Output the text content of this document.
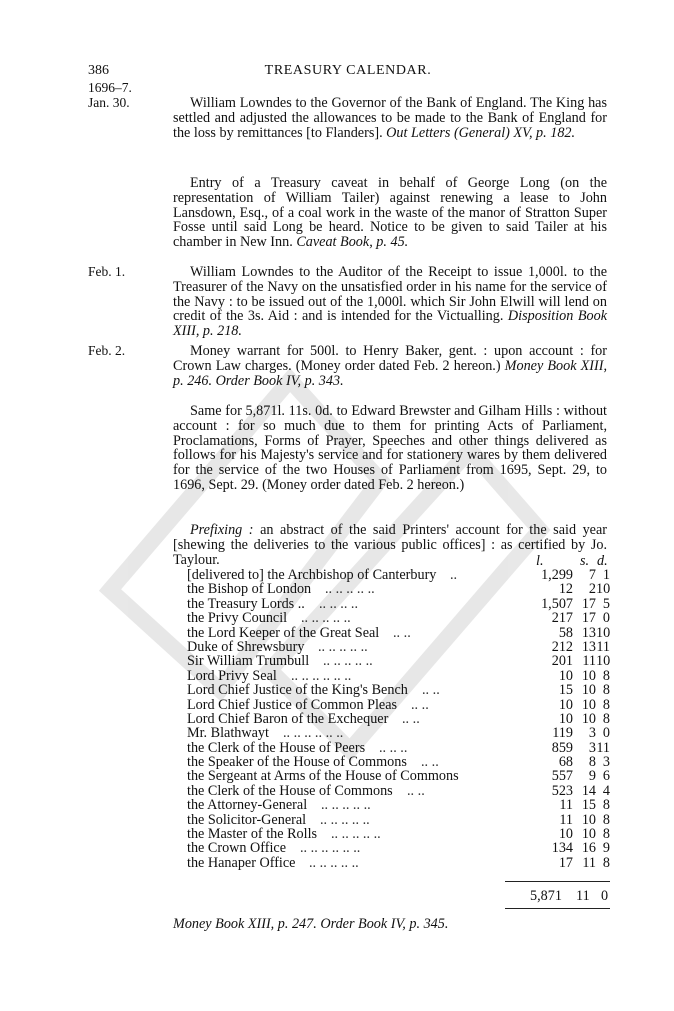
386	TREASURY CALENDAR.
1696–7.
Jan. 30.	William Lowndes to the Governor of the Bank of England. The King has settled and adjusted the allowances to be made to the Bank of England for the loss by remittances [to Flanders]. Out Letters (General) XV, p. 182.
Entry of a Treasury caveat in behalf of George Long (on the representation of William Tailer) against renewing a lease to John Lansdown, Esq., of a coal work in the waste of the manor of Stratton Super Fosse until said Long be heard. Notice to be given to said Tailer at his chamber in New Inn. Caveat Book, p. 45.
Feb. 1.	William Lowndes to the Auditor of the Receipt to issue 1,000l. to the Treasurer of the Navy on the unsatisfied order in his name for the service of the Navy : to be issued out of the 1,000l. which Sir John Elwill will lend on credit of the 3s. Aid : and is intended for the Victualling. Disposition Book XIII, p. 218.
Feb. 2.	Money warrant for 500l. to Henry Baker, gent. : upon account : for Crown Law charges. (Money order dated Feb. 2 hereon.) Money Book XIII, p. 246. Order Book IV, p. 343.
Same for 5,871l. 11s. 0d. to Edward Brewster and Gilham Hills : without account : for so much due to them for printing Acts of Parliament, Proclamations, Forms of Prayer, Speeches and other things delivered as follows for his Majesty's service and for stationery wares by them delivered for the service of the two Houses of Parliament from 1695, Sept. 29, to 1696, Sept. 29. (Money order dated Feb. 2 hereon.)
Prefixing : an abstract of the said Printers' account for the said year [shewing the deliveries to the various public offices] : as certified by Jo. Taylour.	l.	s. d.
[delivered to] the Archbishop of Canterbury	1,299	7 1
..
the Bishop of London	12	2 10
.. .. .. .. ..
the Treasury Lords ..	1,507 17 5
.. .. .. ..
the Privy Council	217 17 0
.. .. .. .. ..
the Lord Keeper of the Great Seal	58 13 10
.. ..
Duke of Shrewsbury	212 13 11
.. .. .. .. ..
Sir William Trumbull	201 11 10
.. .. .. .. ..
Lord Privy Seal	10 10 8
.. .. .. .. .. ..
Lord Chief Justice of the King's Bench	15 10 8
.. ..
Lord Chief Justice of Common Pleas	10 10 8
.. ..
Lord Chief Baron of the Exchequer	10 10 8
.. ..
Mr. Blathwayt	119	3 0
.. .. .. .. .. ..
the Clerk of the House of Peers	859	3 11
.. .. ..
the Speaker of the House of Commons	68	8 3
.. ..
the Sergeant at Arms of the House of Commons	557	9 6
the Clerk of the House of Commons	523 14 4
.. ..
the Attorney-General	11 15 8
.. .. .. .. ..
the Solicitor-General	11 10 8
.. .. .. .. ..
the Master of the Rolls	10 10 8
.. .. .. .. ..
the Crown Office	134 16 9
.. .. .. .. .. ..
the Hanaper Office	17 11 8
.. .. .. .. ..
5,871 11 0
Money Book XIII, p. 247. Order Book IV, p. 345.
